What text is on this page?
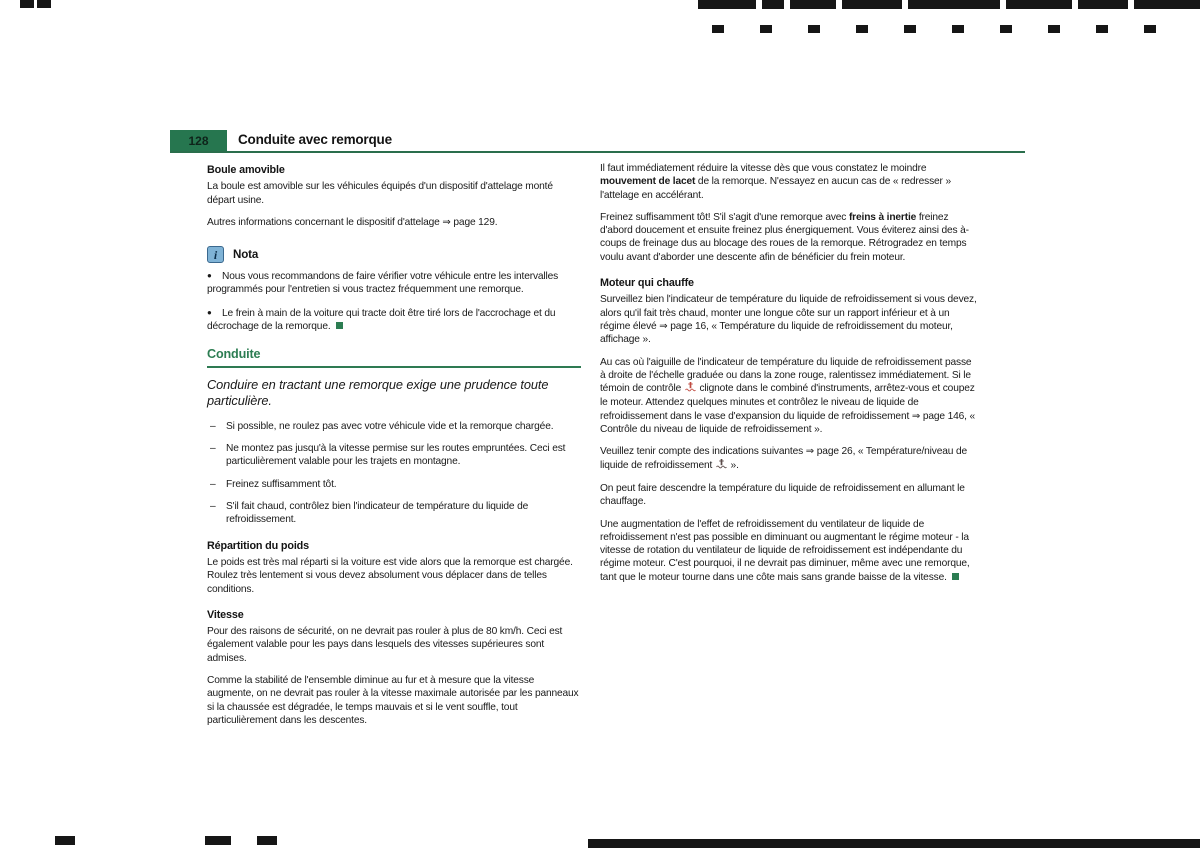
128	Conduite avec remorque
Boule amovible

La boule est amovible sur les véhicules équipés d'un dispositif d'attelage monté départ usine.

Autres informations concernant le dispositif d'attelage ⇒ page 129.

i	Nota

● Nous vous recommandons de faire vérifier votre véhicule entre les intervalles programmés pour l'entretien si vous tractez fréquemment une remorque.

● Le frein à main de la voiture qui tracte doit être tiré lors de l'accrochage et du décrochage de la remorque.

Conduite

Conduire en tractant une remorque exige une prudence toute particulière.

– Si possible, ne roulez pas avec votre véhicule vide et la remorque chargée.
– Ne montez pas jusqu'à la vitesse permise sur les routes empruntées. Ceci est particulièrement valable pour les trajets en montagne.
– Freinez suffisamment tôt.
– S'il fait chaud, contrôlez bien l'indicateur de température du liquide de refroidissement.
Répartition du poids

Le poids est très mal réparti si la voiture est vide alors que la remorque est chargée. Roulez très lentement si vous devez absolument vous déplacer dans de telles conditions.

Vitesse

Pour des raisons de sécurité, on ne devrait pas rouler à plus de 80 km/h. Ceci est également valable pour les pays dans lesquels des vitesses supérieures sont admises.

Comme la stabilité de l'ensemble diminue au fur et à mesure que la vitesse augmente, on ne devrait pas rouler à la vitesse maximale autorisée par les panneaux si la chaussée est dégradée, le temps mauvais et si le vent souffle, tout particulièrement dans les descentes.

Il faut immédiatement réduire la vitesse dès que vous constatez le moindre mouvement de lacet de la remorque. N'essayez en aucun cas de « redresser » l'attelage en accélérant.

Freinez suffisamment tôt! S'il s'agit d'une remorque avec freins à inertie freinez d'abord doucement et ensuite freinez plus énergiquement. Vous éviterez ainsi des à-coups de freinage dus au blocage des roues de la remorque. Rétrogradez en temps voulu avant d'aborder une descente afin de bénéficier du frein moteur.

Moteur qui chauffe

Surveillez bien l'indicateur de température du liquide de refroidissement si vous devez, alors qu'il fait très chaud, monter une longue côte sur un rapport inférieur et à un régime élevé ⇒ page 16, « Température du liquide de refroidissement du moteur, affichage ».

Au cas où l'aiguille de l'indicateur de température du liquide de refroidissement passe à droite de l'échelle graduée ou dans la zone rouge, ralentissez immédiatement. Si le témoin de contrôle  clignote dans le combiné d'instruments, arrêtez-vous et coupez le moteur. Attendez quelques minutes et contrôlez le niveau de liquide de refroidissement dans le vase d'expansion du liquide de refroidissement ⇒ page 146, « Contrôle du niveau de liquide de refroidissement ».

Veuillez tenir compte des indications suivantes ⇒ page 26, « Température/niveau de liquide de refroidissement  ».

On peut faire descendre la température du liquide de refroidissement en allumant le chauffage.

Une augmentation de l'effet de refroidissement du ventilateur de liquide de refroidissement n'est pas possible en diminuant ou augmentant le régime moteur - la vitesse de rotation du ventilateur de liquide de refroidissement est indépendante du régime moteur. C'est pourquoi, il ne devrait pas diminuer, même avec une remorque, tant que le moteur tourne dans une côte mais sans grande baisse de la vitesse.
